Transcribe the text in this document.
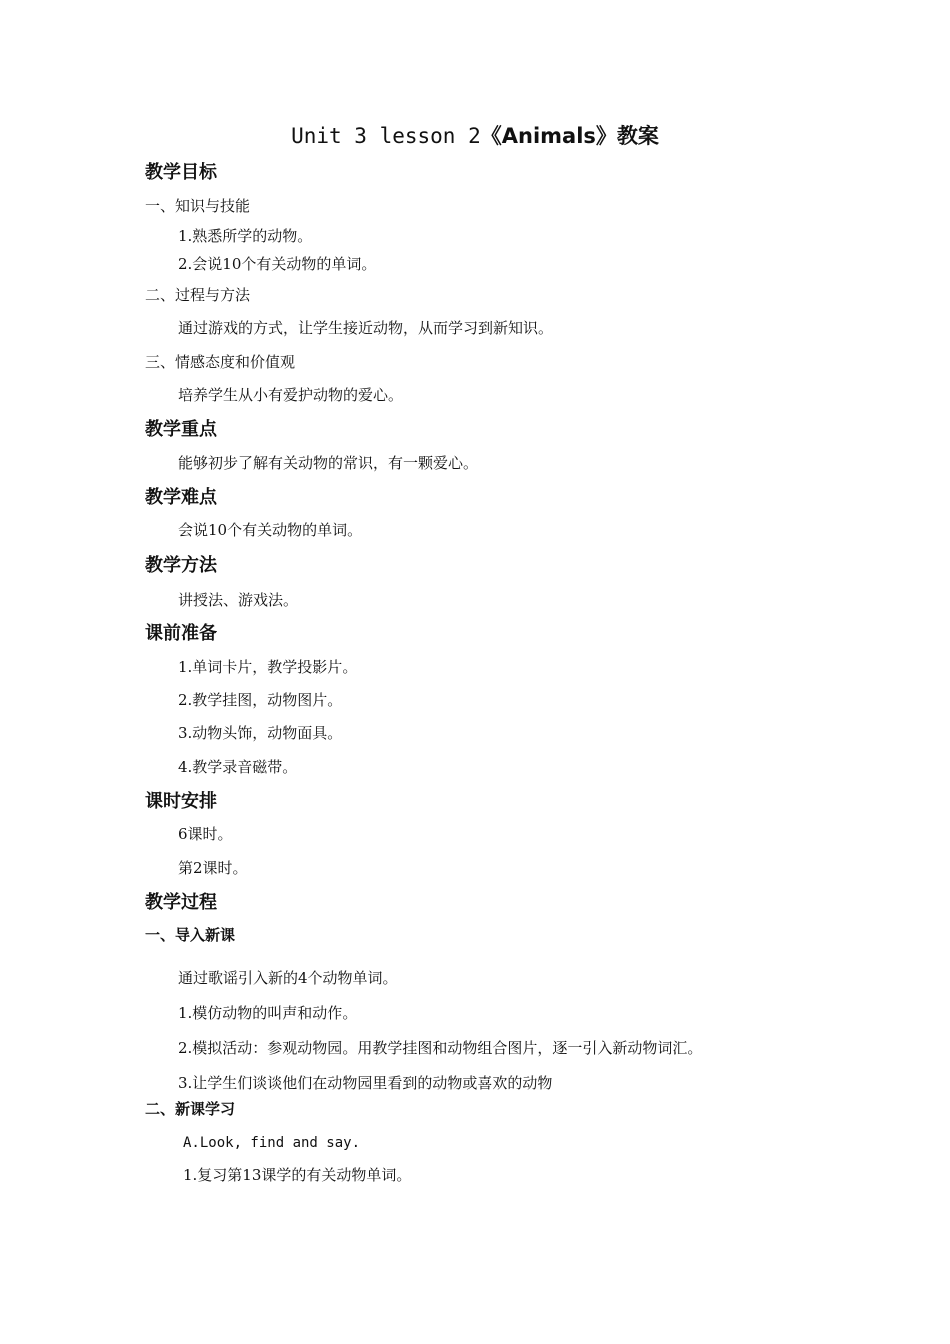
Unit 3 lesson 2《Animals》教案
教学目标
一、知识与技能
1.熟悉所学的动物。
2.会说10个有关动物的单词。
二、过程与方法
通过游戏的方式，让学生接近动物，从而学习到新知识。
三、情感态度和价值观
培养学生从小有爱护动物的爱心。
教学重点
能够初步了解有关动物的常识，有一颗爱心。
教学难点
会说10个有关动物的单词。
教学方法
讲授法、游戏法。
课前准备
1.单词卡片，教学投影片。
2.教学挂图，动物图片。
3.动物头饰，动物面具。
4.教学录音磁带。
课时安排
6课时。
第2课时。
教学过程
一、导入新课
通过歌谣引入新的4个动物单词。
1.模仿动物的叫声和动作。
2.模拟活动：参观动物园。用教学挂图和动物组合图片，逐一引入新动物词汇。
3.让学生们谈谈他们在动物园里看到的动物或喜欢的动物
二、新课学习
A.Look, find and say.
1.复习第13课学的有关动物单词。
